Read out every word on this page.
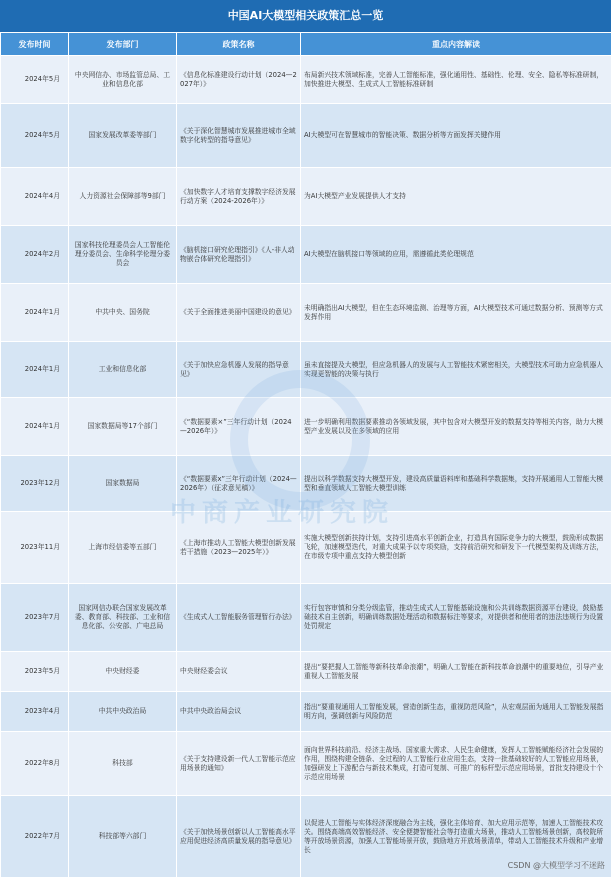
中国AI大模型相关政策汇总一览
发布时间	发布部门	政策名称	重点内容解读
2024年5月	中央网信办、市场监管总局、工业和信息化部	《信息化标准建设行动计划（2024—2027年）》	布局新兴技术领域标准，完善人工智能标准，强化通用性、基础性、伦理、安全、隐私等标准研制，加快推进大模型、生成式人工智能标准研制
2024年5月	国家发展改革委等部门	《关于深化智慧城市发展推进城市全域数字化转型的指导意见》	AI大模型可在智慧城市的智能决策、数据分析等方面发挥关键作用
2024年4月	人力资源社会保障部等9部门	《加快数字人才培育支撑数字经济发展行动方案（2024-2026年）》	为AI大模型产业发展提供人才支持
2024年2月	国家科技伦理委员会人工智能伦理分委员会、生命科学伦理分委员会	《脑机接口研究伦理指引》《人-非人动物嵌合体研究伦理指引》	AI大模型在脑机接口等领域的应用，需遵循此类伦理规范
2024年1月	中共中央、国务院	《关于全面推进美丽中国建设的意见》	未明确指出AI大模型，但在生态环境监测、治理等方面，AI大模型技术可通过数据分析、预测等方式发挥作用
2024年1月	工业和信息化部	《关于加快应急机器人发展的指导意见》	虽未直接提及大模型，但应急机器人的发展与人工智能技术紧密相关，大模型技术可助力应急机器人实现更智能的决策与执行
2024年1月	国家数据局等17个部门	《“数据要素×”三年行动计划（2024—2026年）》	进一步明确利用数据要素推动各领域发展，其中包含对大模型开发的数据支持等相关内容，助力大模型产业发展以及在多领域的应用
2023年12月	国家数据局	《“数据要素x”三年行动计划（2024—2026年）（征求意见稿）》	提出以科学数据支持大模型开发，建设高质量语料库和基础科学数据集，支持开展通用人工智能大模型和垂直领域人工智能大模型训练
2023年11月	上海市经信委等五部门	《上海市推动人工智能大模型创新发展若干措施（2023—2025年）》	实施大模型创新扶持计划，支持引进高水平创新企业，打造具有国际竞争力的大模型，鼓励形成数据飞轮，加速模型迭代，对重大成果予以专项奖励，支持前沿研究和研发下一代模型架构及训练方法，在市级专项中重点支持大模型创新
2023年7月	国家网信办联合国家发展改革委、教育部、科技部、工业和信息化部、公安部、广电总局	《生成式人工智能服务管理暂行办法》	实行包容审慎和分类分级监管，推动生成式人工智能基础设施和公共训练数据资源平台建设，鼓励基础技术自主创新，明确训练数据处理活动和数据标注等要求，对提供者和使用者的违法违规行为设置处罚规定
2023年5月	中央财经委	中央财经委会议	提出“要把握人工智能等新科技革命浪潮”，明确人工智能在新科技革命浪潮中的重要地位，引导产业重视人工智能发展
2023年4月	中共中央政治局	中共中央政治局会议	指出“要重视通用人工智能发展，营造创新生态，重视防范风险”，从宏观层面为通用人工智能发展指明方向，强调创新与风险防范
2022年8月	科技部	《关于支持建设新一代人工智能示范应用场景的通知》	面向世界科技前沿、经济主战场、国家重大需求、人民生命健康，发挥人工智能赋能经济社会发展的作用，围绕构建全链条、全过程的人工智能行业应用生态，支持一批基础较好的人工智能应用场景，加强研发上下游配合与新技术集成，打造可复制、可推广的标杆型示范应用场景，首批支持建设十个示范应用场景
2022年7月	科技部等六部门	《关于加快场景创新以人工智能高水平应用促进经济高质量发展的指导意见》	以促进人工智能与实体经济深度融合为主线，强化主体培育、加大应用示范等，加速人工智能技术攻关。围绕高端高效智能经济、安全便捷智能社会等打造重大场景，推动人工智能场景创新，高校院所等开放场景资源，加强人工智能场景开放，鼓励地方开放场景清单，带动人工智能技术升级和产业增长
中商产业研究院
CSDN @大模型学习不迷路
